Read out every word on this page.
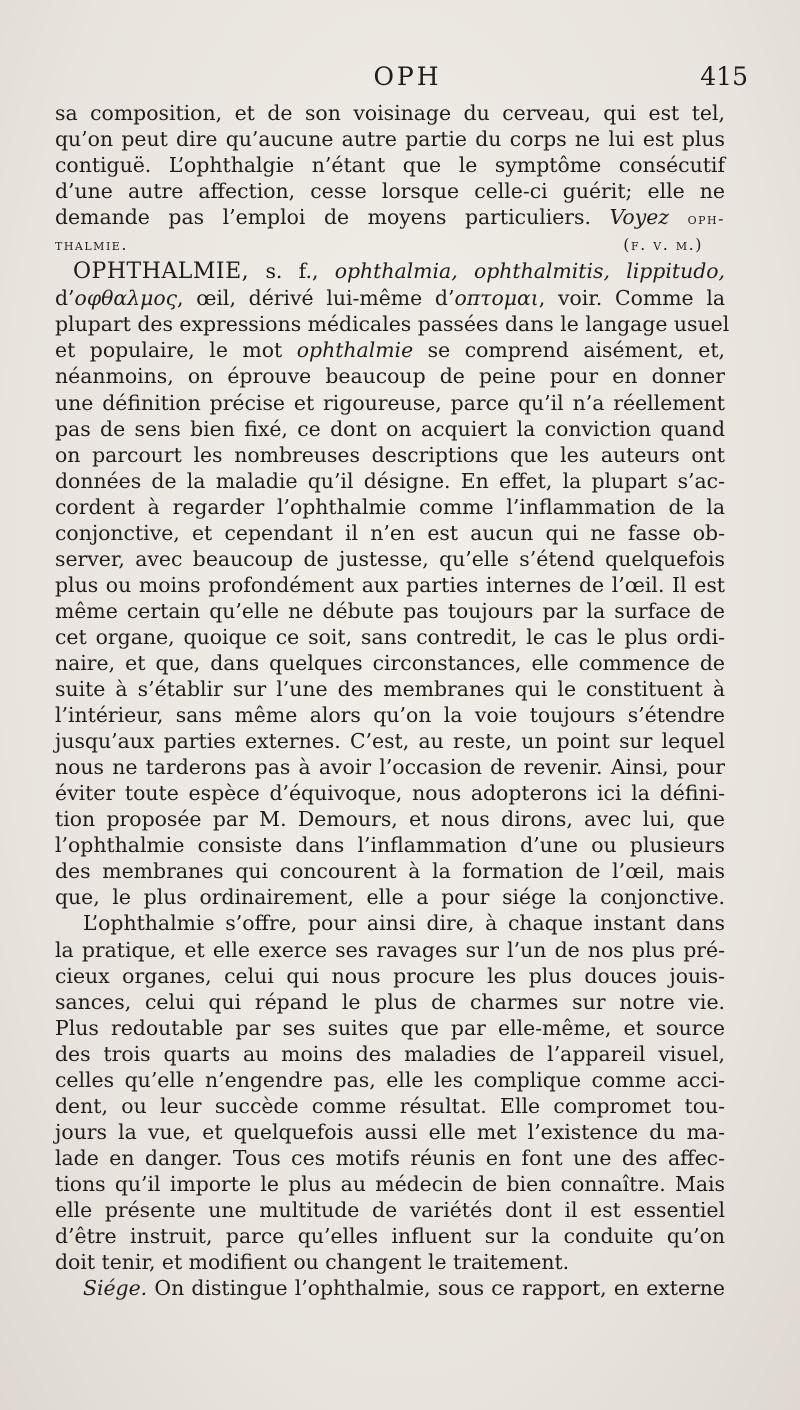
OPH	415
sa composition, et de son voisinage du cerveau, qui est tel,
qu’on peut dire qu’aucune autre partie du corps ne lui est plus
contiguë. L’ophthalgie n’étant que le symptôme consécutif
d’une autre affection, cesse lorsque celle-ci guérit; elle ne
demande pas l’emploi de moyens particuliers. Voyez oph-
thalmie.	(f. v. m.)
OPHTHALMIE, s. f., ophthalmia, ophthalmitis, lippitudo,
d’οφθαλμος, œil, dérivé lui-même d’οπτομαι, voir. Comme la
plupart des expressions médicales passées dans le langage usuel
et populaire, le mot ophthalmie se comprend aisément, et,
néanmoins, on éprouve beaucoup de peine pour en donner
une définition précise et rigoureuse, parce qu’il n’a réellement
pas de sens bien fixé, ce dont on acquiert la conviction quand
on parcourt les nombreuses descriptions que les auteurs ont
données de la maladie qu’il désigne. En effet, la plupart s’ac-
cordent à regarder l’ophthalmie comme l’inflammation de la
conjonctive, et cependant il n’en est aucun qui ne fasse ob-
server, avec beaucoup de justesse, qu’elle s’étend quelquefois
plus ou moins profondément aux parties internes de l’œil. Il est
même certain qu’elle ne débute pas toujours par la surface de
cet organe, quoique ce soit, sans contredit, le cas le plus ordi-
naire, et que, dans quelques circonstances, elle commence de
suite à s’établir sur l’une des membranes qui le constituent à
l’intérieur, sans même alors qu’on la voie toujours s’étendre
jusqu’aux parties externes. C’est, au reste, un point sur lequel
nous ne tarderons pas à avoir l’occasion de revenir. Ainsi, pour
éviter toute espèce d’équivoque, nous adopterons ici la défini-
tion proposée par M. Demours, et nous dirons, avec lui, que
l’ophthalmie consiste dans l’inflammation d’une ou plusieurs
des membranes qui concourent à la formation de l’œil, mais
que, le plus ordinairement, elle a pour siége la conjonctive.
L’ophthalmie s’offre, pour ainsi dire, à chaque instant dans
la pratique, et elle exerce ses ravages sur l’un de nos plus pré-
cieux organes, celui qui nous procure les plus douces jouis-
sances, celui qui répand le plus de charmes sur notre vie.
Plus redoutable par ses suites que par elle-même, et source
des trois quarts au moins des maladies de l’appareil visuel,
celles qu’elle n’engendre pas, elle les complique comme acci-
dent, ou leur succède comme résultat. Elle compromet tou-
jours la vue, et quelquefois aussi elle met l’existence du ma-
lade en danger. Tous ces motifs réunis en font une des affec-
tions qu’il importe le plus au médecin de bien connaître. Mais
elle présente une multitude de variétés dont il est essentiel
d’être instruit, parce qu’elles influent sur la conduite qu’on
doit tenir, et modifient ou changent le traitement.
Siége. On distingue l’ophthalmie, sous ce rapport, en externe
